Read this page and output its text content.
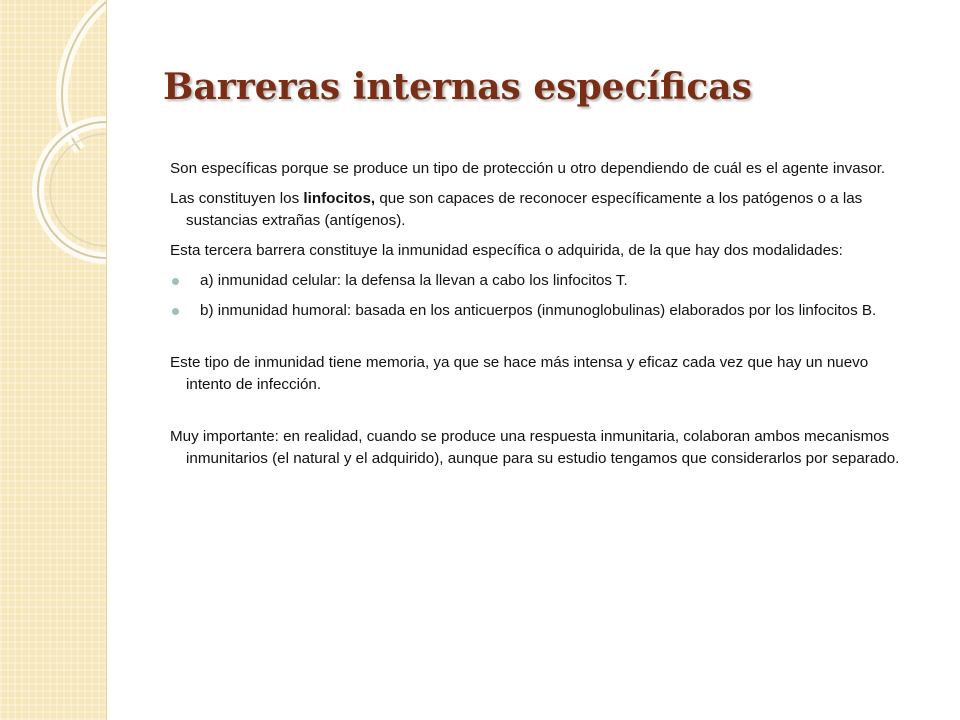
Barreras internas específicas

Son específicas porque se produce un tipo de protección u otro dependiendo de cuál es el agente invasor.

Las constituyen los linfocitos, que son capaces de reconocer específicamente a los patógenos o a las sustancias extrañas (antígenos).

Esta tercera barrera constituye la inmunidad específica o adquirida, de la que hay dos modalidades:

a) inmunidad celular: la defensa la llevan a cabo los linfocitos T.
b) inmunidad humoral: basada en los anticuerpos (inmunoglobulinas) elaborados por los linfocitos B.

Este tipo de inmunidad tiene memoria, ya que se hace más intensa y eficaz cada vez que hay un nuevo intento de infección.

Muy importante: en realidad, cuando se produce una respuesta inmunitaria, colaboran ambos mecanismos inmunitarios (el natural y el adquirido), aunque para su estudio tengamos que considerarlos por separado.
